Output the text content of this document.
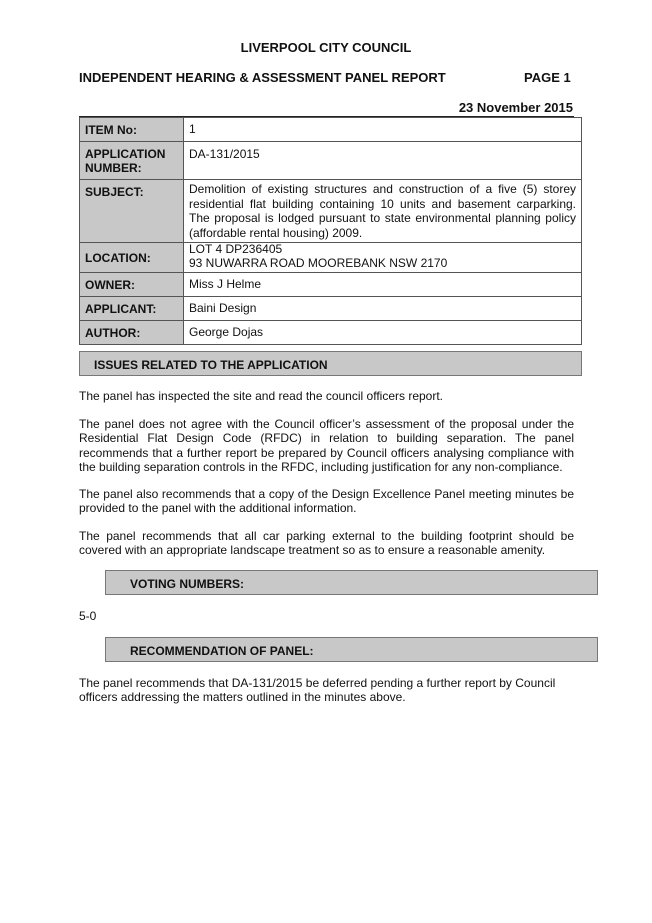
LIVERPOOL CITY COUNCIL
INDEPENDENT HEARING & ASSESSMENT PANEL REPORT	PAGE 1
23 November 2015
ITEM No:	1
APPLICATION NUMBER:	DA-131/2015
SUBJECT:	Demolition of existing structures and construction of a five (5) storey residential flat building containing 10 units and basement carparking. The proposal is lodged pursuant to state environmental planning policy (affordable rental housing) 2009.
LOCATION:	LOT 4 DP236405
93 NUWARRA ROAD MOOREBANK NSW 2170

OWNER:	Miss J Helme
APPLICANT:	Baini Design
AUTHOR:	George Dojas
ISSUES RELATED TO THE APPLICATION
The panel has inspected the site and read the council officers report.
The panel does not agree with the Council officer’s assessment of the proposal under the Residential Flat Design Code (RFDC) in relation to building separation. The panel recommends that a further report be prepared by Council officers analysing compliance with the building separation controls in the RFDC, including justification for any non-compliance.
The panel also recommends that a copy of the Design Excellence Panel meeting minutes be provided to the panel with the additional information.
The panel recommends that all car parking external to the building footprint should be covered with an appropriate landscape treatment so as to ensure a reasonable amenity.
VOTING NUMBERS:
5-0
RECOMMENDATION OF PANEL:
The panel recommends that DA-131/2015 be deferred pending a further report by Council officers addressing the matters outlined in the minutes above.
